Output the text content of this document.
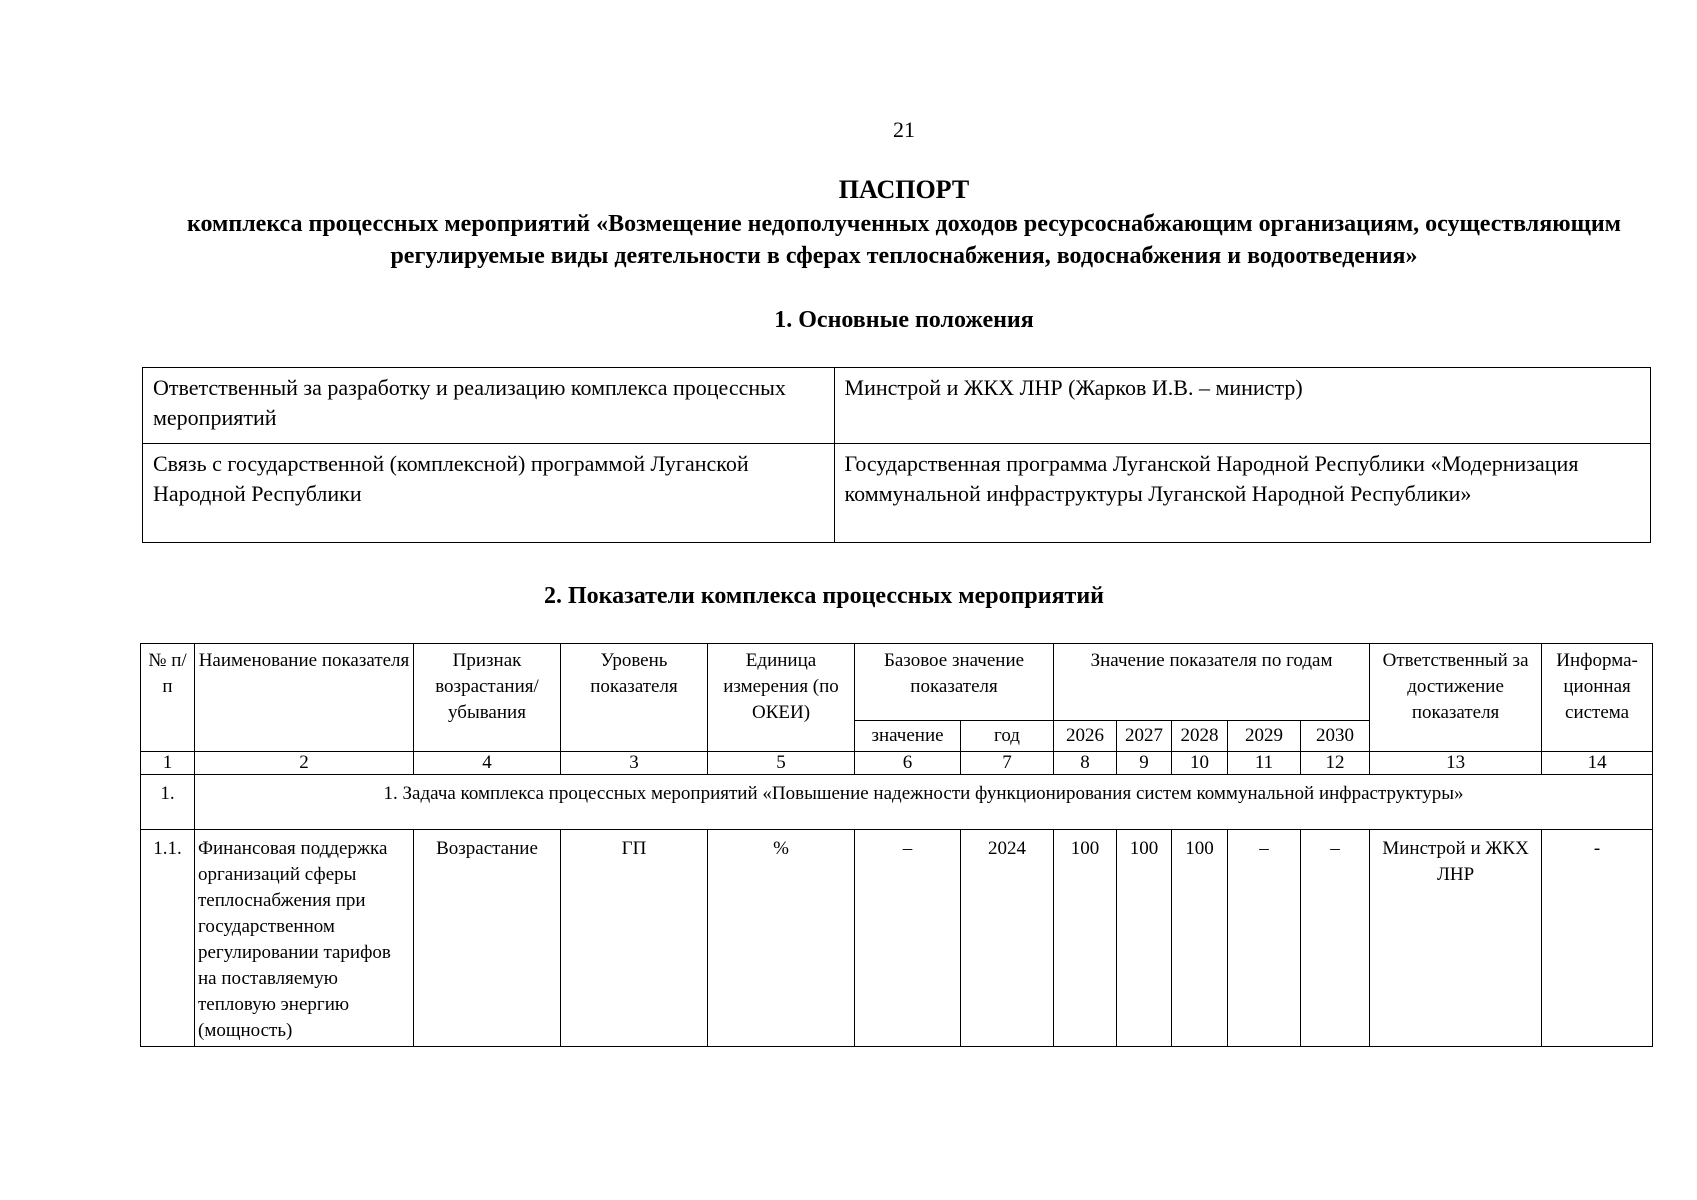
21
ПАСПОРТ
комплекса процессных мероприятий «Возмещение недополученных доходов ресурсоснабжающим организациям, осуществляющим регулируемые виды деятельности в сферах теплоснабжения, водоснабжения и водоотведения»
1. Основные положения
Ответственный за разработку и реализацию комплекса процессных мероприятий	Минстрой и ЖКХ ЛНР (Жарков И.В. – министр)
Связь с государственной (комплексной) программой Луганской Народной Республики	Государственная программа Луганской Народной Республики «Модернизация коммунальной инфраструктуры Луганской Народной Республики»
2. Показатели комплекса процессных мероприятий
№ п/п	Наименование показателя	Признак возрастания/ убывания	Уровень показателя	Единица измерения (по ОКЕИ)	Базовое значение показателя		Значение показателя по годам					Ответственный за достижение показателя	Информа-ционная система
					значение	год	2026	2027	2028	2029	2030		
1	2	4	3	5	6	7	8	9	10	11	12	13	14
1.	1. Задача комплекса процессных мероприятий «Повышение надежности функционирования систем коммунальной инфраструктуры»												
1.1.	Финансовая поддержка организаций сферы теплоснабжения при государственном регулировании тарифов на поставляемую тепловую энергию (мощность)	Возрастание	ГП	%	–	2024	100	100	100	–	–	Минстрой и ЖКХ ЛНР	-
